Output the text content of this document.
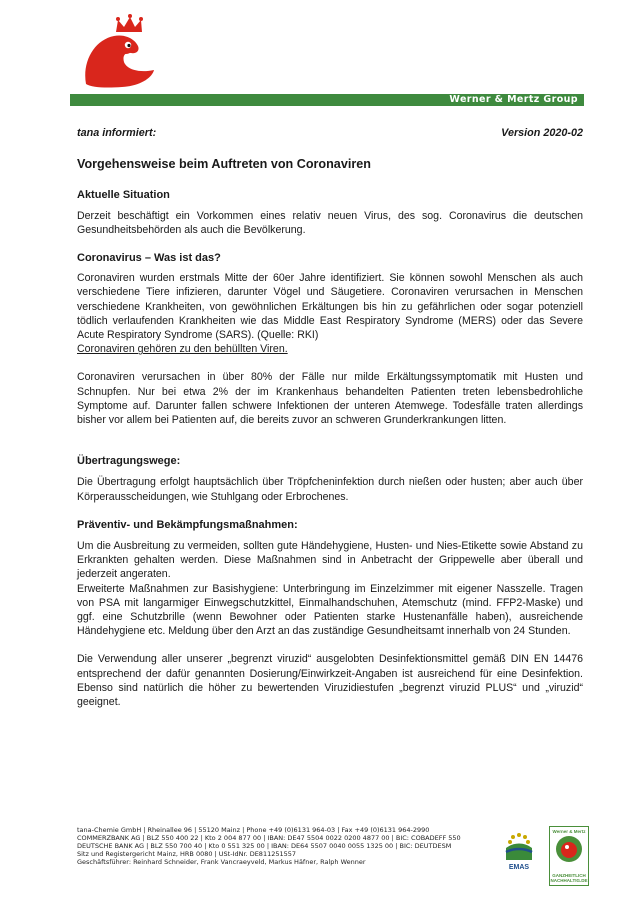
Werner & Mertz Group
tana informiert:	Version 2020-02
Vorgehensweise beim Auftreten von Coronaviren
Aktuelle Situation

Derzeit beschäftigt ein Vorkommen eines relativ neuen Virus, des sog. Coronavirus die deutschen Gesundheitsbehörden als auch die Bevölkerung.

Coronavirus – Was ist das?

Coronaviren wurden erstmals Mitte der 60er Jahre identifiziert. Sie können sowohl Menschen als auch verschiedene Tiere infizieren, darunter Vögel und Säugetiere. Coronaviren verursachen in Menschen verschiedene Krankheiten, von gewöhnlichen Erkältungen bis hin zu gefährlichen oder sogar potenziell tödlich verlaufenden Krankheiten wie das Middle East Respiratory Syndrome (MERS) oder das Severe Acute Respiratory Syndrome (SARS). (Quelle: RKI)

Coronaviren gehören zu den behüllten Viren.

Coronaviren verursachen in über 80% der Fälle nur milde Erkältungssymptomatik mit Husten und Schnupfen. Nur bei etwa 2% der im Krankenhaus behandelten Patienten treten lebensbedrohliche Symptome auf. Darunter fallen schwere Infektionen der unteren Atemwege. Todesfälle traten allerdings bisher vor allem bei Patienten auf, die bereits zuvor an schweren Grunderkrankungen litten.

Übertragungswege:

Die Übertragung erfolgt hauptsächlich über Tröpfcheninfektion durch nießen oder husten; aber auch über Körperausscheidungen, wie Stuhlgang oder Erbrochenes.

Präventiv- und Bekämpfungsmaßnahmen:

Um die Ausbreitung zu vermeiden, sollten gute Händehygiene, Husten- und Nies-Etikette sowie Abstand zu Erkrankten gehalten werden. Diese Maßnahmen sind in Anbetracht der Grippewelle aber überall und jederzeit angeraten.

Erweiterte Maßnahmen zur Basishygiene: Unterbringung im Einzelzimmer mit eigener Nasszelle. Tragen von PSA mit langarmiger Einwegschutzkittel, Einmalhandschuhen, Atemschutz (mind. FFP2-Maske) und ggf. eine Schutzbrille (wenn Bewohner oder Patienten starke Hustenanfälle haben), ausreichende Händehygiene etc. Meldung über den Arzt an das zuständige Gesundheitsamt innerhalb von 24 Stunden.

Die Verwendung aller unserer „begrenzt viruzid“ ausgelobten Desinfektionsmittel gemäß DIN EN 14476 entsprechend der dafür genannten Dosierung/Einwirkzeit-Angaben ist ausreichend für eine Desinfektion. Ebenso sind natürlich die höher zu bewertenden Viruzidiestufen „begrenzt viruzid PLUS“ und „viruzid“ geeignet.

tana-Chemie GmbH | Rheinallee 96 | 55120 Mainz | Phone +49 (0)6131 964-03 | Fax +49 (0)6131 964-2990
COMMERZBANK AG | BLZ 550 400 22 | Kto 2 004 877 00 | IBAN: DE47 5504 0022 0200 4877 00 | BIC: COBADEFF 550
DEUTSCHE BANK AG | BLZ 550 700 40 | Kto 0 551 325 00 | IBAN: DE64 5507 0040 0055 1325 00 | BIC: DEUTDESM
Sitz und Registergericht Mainz, HRB 0080 | USt-IdNr. DE811251557
Geschäftsführer: Reinhard Schneider, Frank Vancraeyveld, Markus Häfner, Ralph Wenner
EMAS
Werner & Mertz
GANZHEITLICH NACHHALTIG.DE
